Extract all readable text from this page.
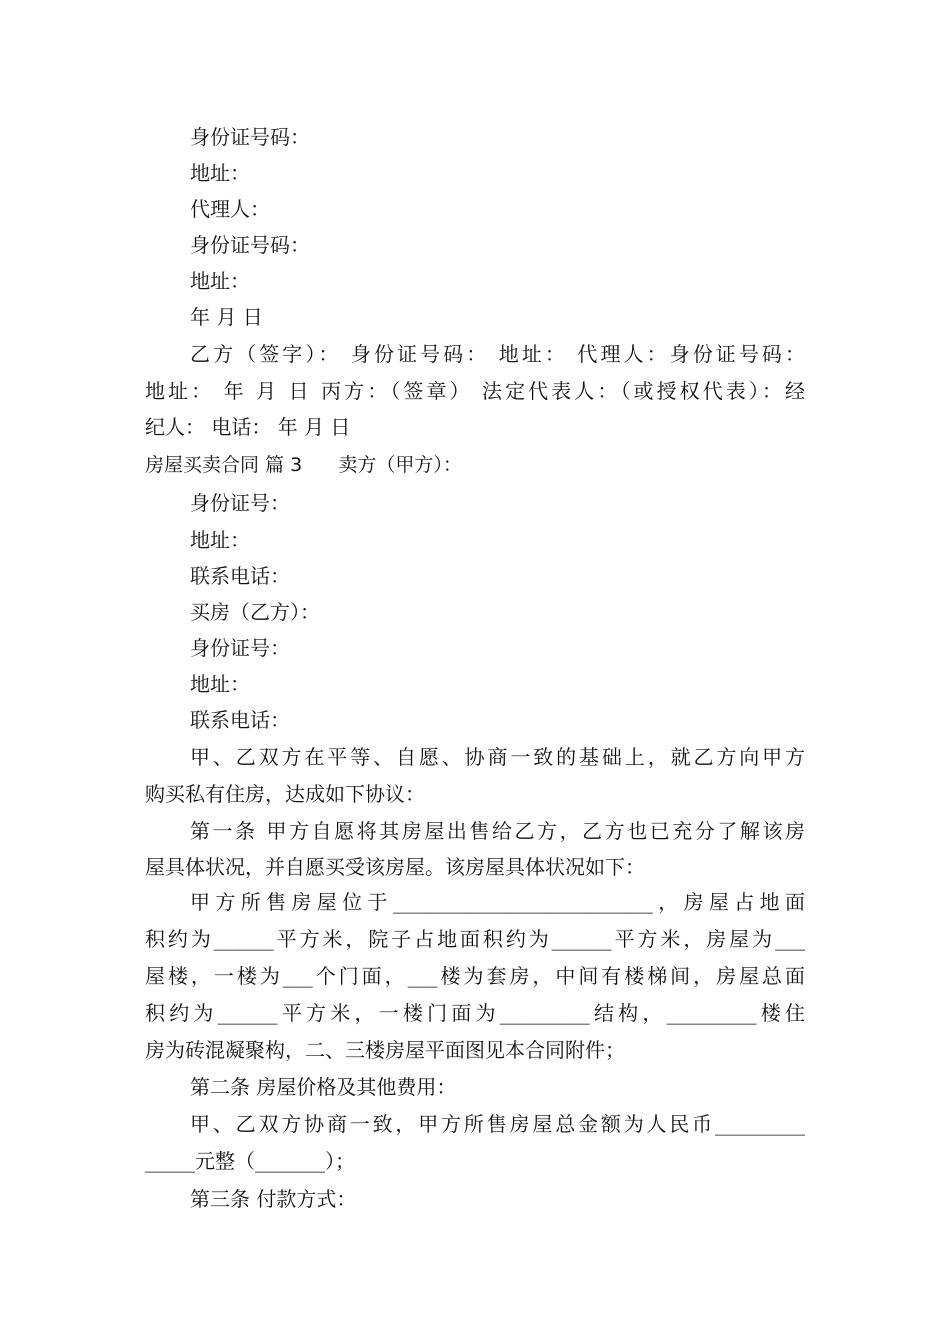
身份证号码：
地址：
代理人：
身份证号码：
地址：
年 月 日
乙方（签字）： 身份证号码： 地址： 代理人：身份证号码：
地址： 年 月 日 丙方：（签章） 法定代表人：（或授权代表）：经
纪人： 电话： 年 月 日
房屋买卖合同 篇 3      卖方（甲方）：
身份证号：
地址：
联系电话：
买房（乙方）：
身份证号：
地址：
联系电话：
甲、乙双方在平等、自愿、协商一致的基础上，就乙方向甲方
购买私有住房，达成如下协议：
第一条 甲方自愿将其房屋出售给乙方，乙方也已充分了解该房
屋具体状况，并自愿买受该房屋。该房屋具体状况如下：
甲方所售房屋位于__________________________，房屋占地面
积约为______平方米，院子占地面积约为______平方米，房屋为___
屋楼，一楼为___个门面，___楼为套房，中间有楼梯间，房屋总面
积约为______平方米，一楼门面为_________结构，_________楼住
房为砖混凝聚构，二、三楼房屋平面图见本合同附件；
第二条 房屋价格及其他费用：
甲、乙双方协商一致，甲方所售房屋总金额为人民币_________
_____元整（_______）；
第三条 付款方式：
